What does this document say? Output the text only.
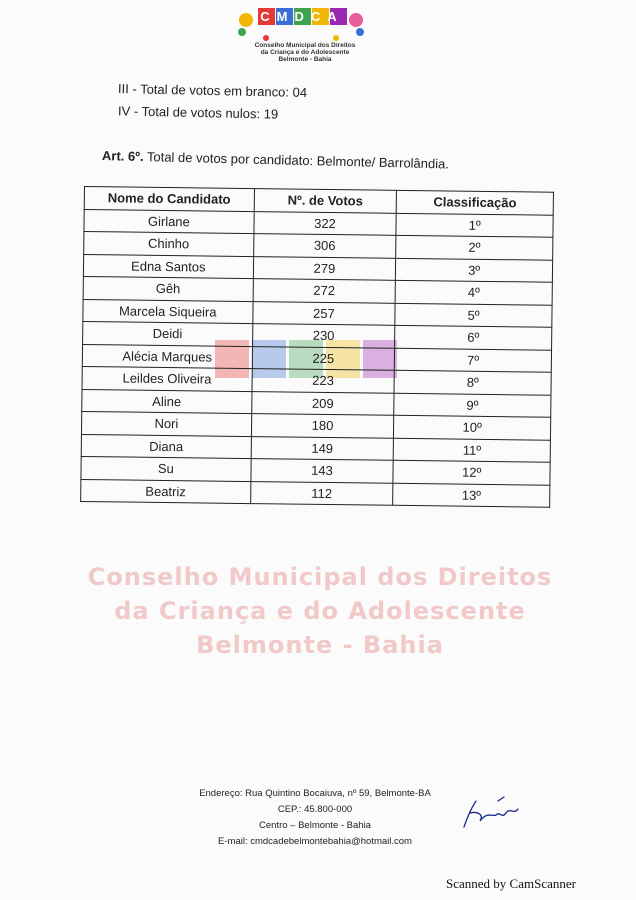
CMDCA
Conselho Municipal dos Direitos
da Criança e do Adolescente
Belmonte - Bahia
III - Total de votos em branco: 04
IV - Total de votos nulos: 19
Art. 6º. Total de votos por candidato: Belmonte/ Barrolândia.
Nome do Candidato	Nº. de Votos	Classificação
Girlane	322	1º
Chinho	306	2º
Edna Santos	279	3º
Gêh	272	4º
Marcela Siqueira	257	5º
Deidi	230	6º
Alécia Marques	225	7º
Leildes Oliveira	223	8º
Aline	209	9º
Nori	180	10º
Diana	149	11º
Su	143	12º
Beatriz	112	13º
Conselho Municipal dos Direitos
da Criança e do Adolescente
Belmonte - Bahia
Endereço: Rua Quintino Bocaiuva, nº 59, Belmonte-BA
CEP.: 45.800-000
Centro – Belmonte - Bahia
E-mail: cmdcadebelmontebahia@hotmail.com
Scanned by CamScanner
